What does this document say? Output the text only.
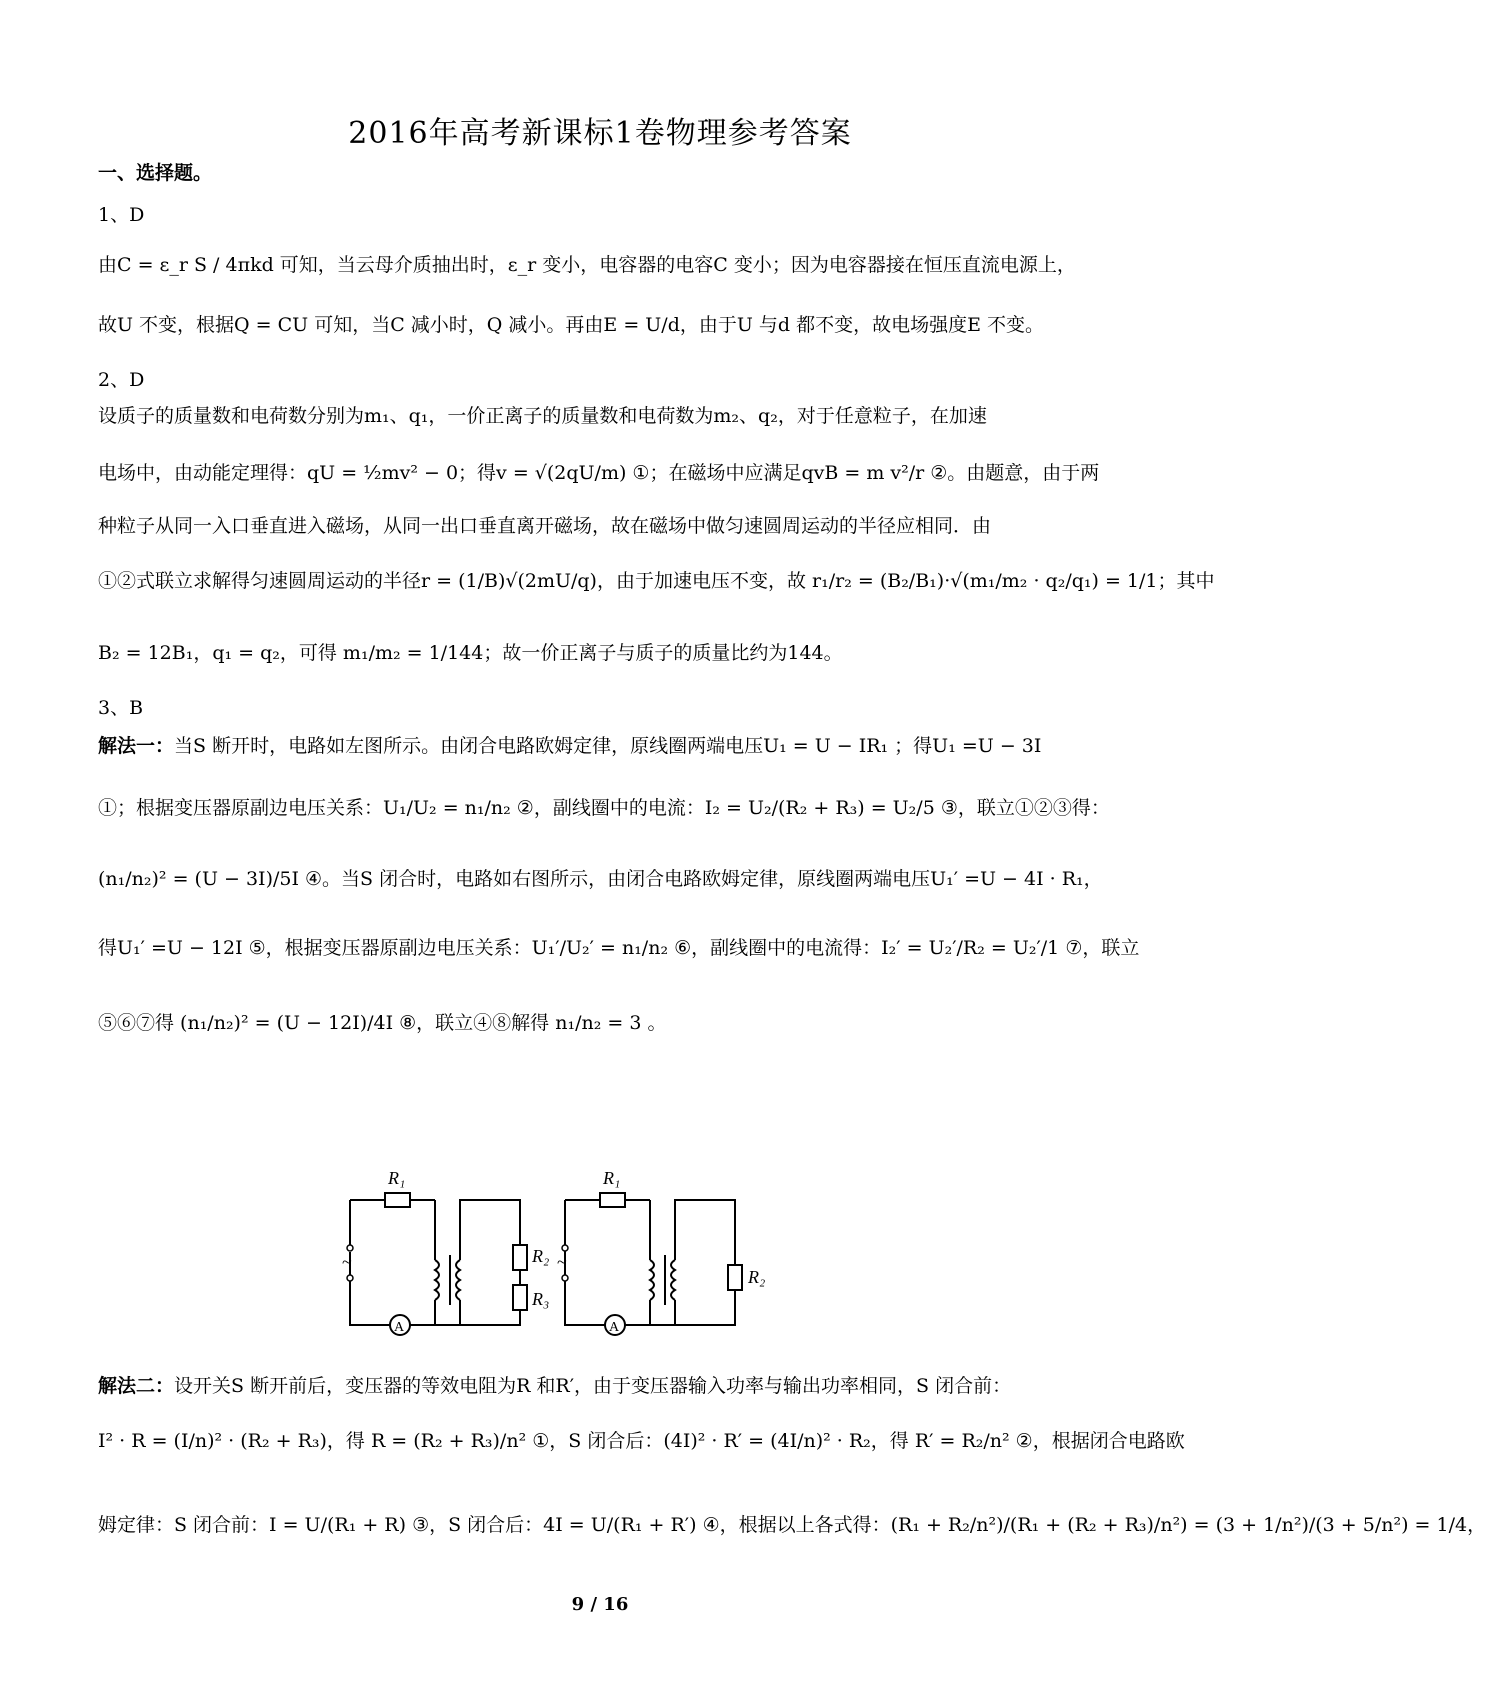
2016年高考新课标1卷物理参考答案
一、选择题。
1、D
由C = ε_r S / 4πkd 可知，当云母介质抽出时，ε_r 变小，电容器的电容C 变小；因为电容器接在恒压直流电源上，
故U 不变，根据Q = CU 可知，当C 减小时，Q 减小。再由E = U/d，由于U 与d 都不变，故电场强度E 不变。
2、D
设质子的质量数和电荷数分别为m₁、q₁，一价正离子的质量数和电荷数为m₂、q₂，对于任意粒子，在加速
电场中，由动能定理得：qU = ½mv² − 0；得v = √(2qU/m) ①；在磁场中应满足qvB = m v²/r ②。由题意，由于两
种粒子从同一入口垂直进入磁场，从同一出口垂直离开磁场，故在磁场中做匀速圆周运动的半径应相同．由
①②式联立求解得匀速圆周运动的半径r = (1/B)√(2mU/q)，由于加速电压不变，故 r₁/r₂ = (B₂/B₁)·√(m₁/m₂ · q₂/q₁) = 1/1；其中
B₂ = 12B₁，q₁ = q₂，可得 m₁/m₂ = 1/144；故一价正离子与质子的质量比约为144。
3、B
解法一：当S 断开时，电路如左图所示。由闭合电路欧姆定律，原线圈两端电压U₁ = U − IR₁ ；得U₁ =U − 3I
①；根据变压器原副边电压关系：U₁/U₂ = n₁/n₂ ②，副线圈中的电流：I₂ = U₂/(R₂ + R₃) = U₂/5 ③，联立①②③得：
(n₁/n₂)² = (U − 3I)/5I ④。当S 闭合时，电路如右图所示，由闭合电路欧姆定律，原线圈两端电压U₁′ =U − 4I · R₁，
得U₁′ =U − 12I ⑤，根据变压器原副边电压关系：U₁′/U₂′ = n₁/n₂ ⑥，副线圈中的电流得：I₂′ = U₂′/R₂ = U₂′/1 ⑦，联立
⑤⑥⑦得 (n₁/n₂)² = (U − 12I)/4I ⑧，联立④⑧解得 n₁/n₂ = 3 。
~	~
R₁
R₂
R₃
A
R₁
R₂
A
解法二：设开关S 断开前后，变压器的等效电阻为R 和R′，由于变压器输入功率与输出功率相同，S 闭合前：
I² · R = (I/n)² · (R₂ + R₃)，得 R = (R₂ + R₃)/n² ①，S 闭合后：(4I)² · R′ = (4I/n)² · R₂，得 R′ = R₂/n² ②，根据闭合电路欧
姆定律：S 闭合前：I = U/(R₁ + R) ③，S 闭合后：4I = U/(R₁ + R′) ④，根据以上各式得：(R₁ + R₂/n²)/(R₁ + (R₂ + R₃)/n²) = (3 + 1/n²)/(3 + 5/n²) = 1/4，
9 / 16
